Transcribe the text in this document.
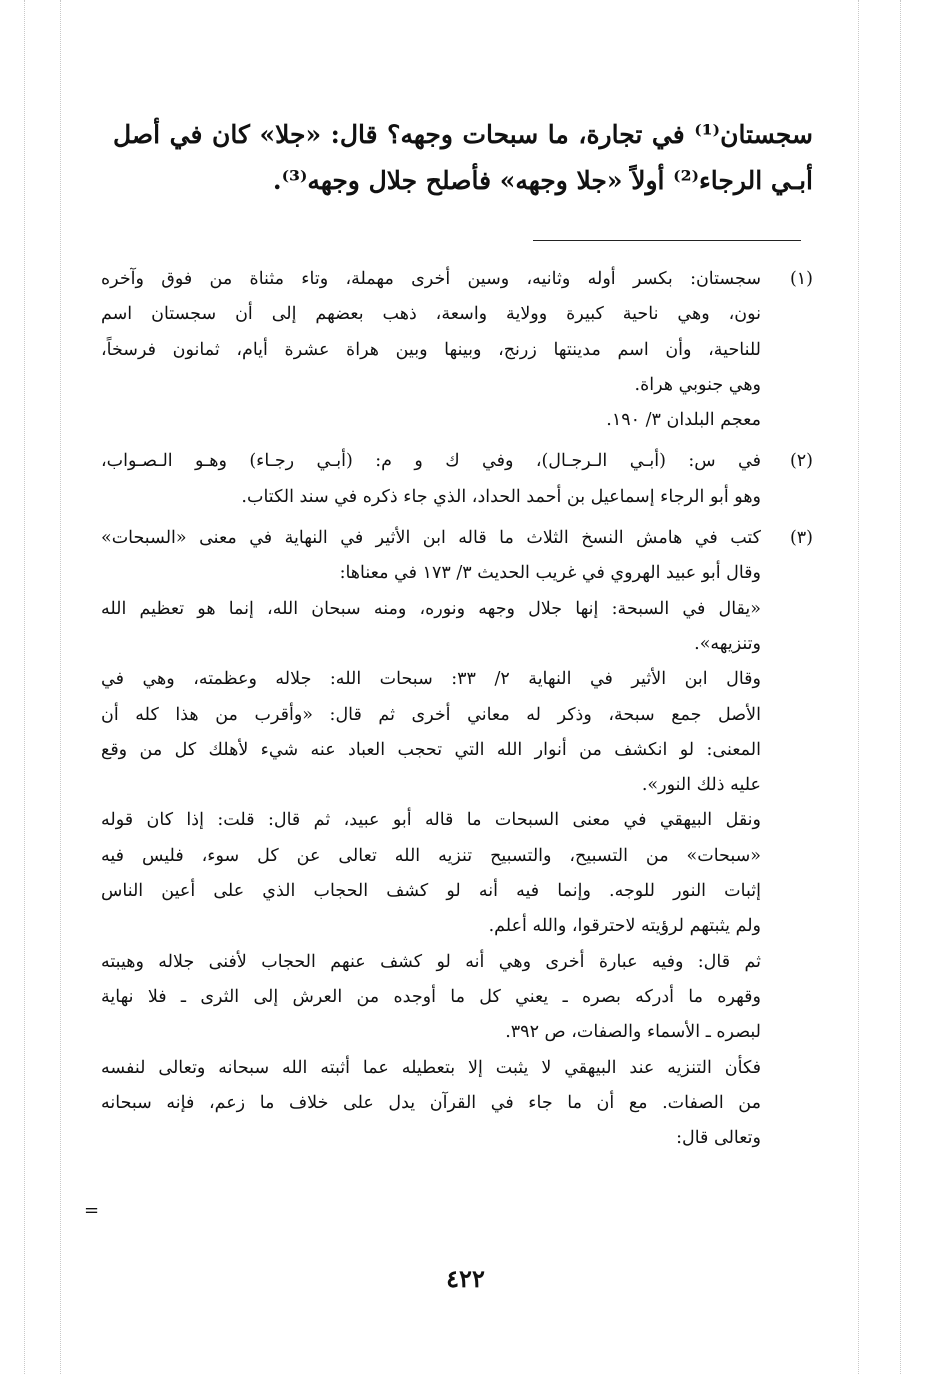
سجستان⁽¹⁾ في تجارة، ما سبحات وجهه؟ قال: «جلا» كان في أصل
أبـي الرجاء⁽²⁾ أولاً «جلا وجهه» فأصلح جلال وجهه⁽³⁾.
(١)
سجستان: بكسر أوله وثانيه، وسين أخرى مهملة، وتاء مثناة من فوق وآخره
نون، وهي ناحية كبيرة وولاية واسعة، ذهب بعضهم إلى أن سجستان اسم
للناحية، وأن اسم مدينتها زرنج، وبينها وبين هراة عشرة أيام، ثمانون فرسخاً،
وهي جنوبي هراة.
معجم البلدان ٣/ ١٩٠.
(٢)
في س: (أبـي الـرجـال)، وفي ك و م: (أبـي رجـاء) وهـو الـصـواب،
وهو أبو الرجاء إسماعيل بن أحمد الحداد، الذي جاء ذكره في سند الكتاب.
(٣)
كتب في هامش النسخ الثلاث ما قاله ابن الأثير في النهاية في معنى «السبحات»
وقال أبو عبيد الهروي في غريب الحديث ٣/ ١٧٣ في معناها:
«يقال في السبحة: إنها جلال وجهه ونوره، ومنه سبحان الله، إنما هو تعظيم الله
وتنزيهه».
وقال ابن الأثير في النهاية ٢/ ٣٣: سبحات الله: جلاله وعظمته، وهي في
الأصل جمع سبحة، وذكر له معاني أخرى ثم قال: «وأقرب من هذا كله أن
المعنى: لو انكشف من أنوار الله التي تحجب العباد عنه شيء لأهلك كل من وقع
عليه ذلك النور».
ونقل البيهقي في معنى السبحات ما قاله أبو عبيد، ثم قال: قلت: إذا كان قوله
«سبحات» من التسبيح، والتسبيح تنزيه الله تعالى عن كل سوء، فليس فيه
إثبات النور للوجه. وإنما فيه أنه لو كشف الحجاب الذي على أعين الناس
ولم يثبتهم لرؤيته لاحترقوا، والله أعلم.
ثم قال: وفيه عبارة أخرى وهي أنه لو كشف عنهم الحجاب لأفنى جلاله وهيبته
وقهره ما أدركه بصره ـ يعني كل ما أوجده من العرش إلى الثرى ـ فلا نهاية
لبصره ـ الأسماء والصفات، ص ٣٩٢.
فكأن التنزيه عند البيهقي لا يثبت إلا بتعطيله عما أثبته الله سبحانه وتعالى لنفسه
من الصفات. مع أن ما جاء في القرآن يدل على خلاف ما زعم، فإنه سبحانه
وتعالى قال:
=
٤٢٢
